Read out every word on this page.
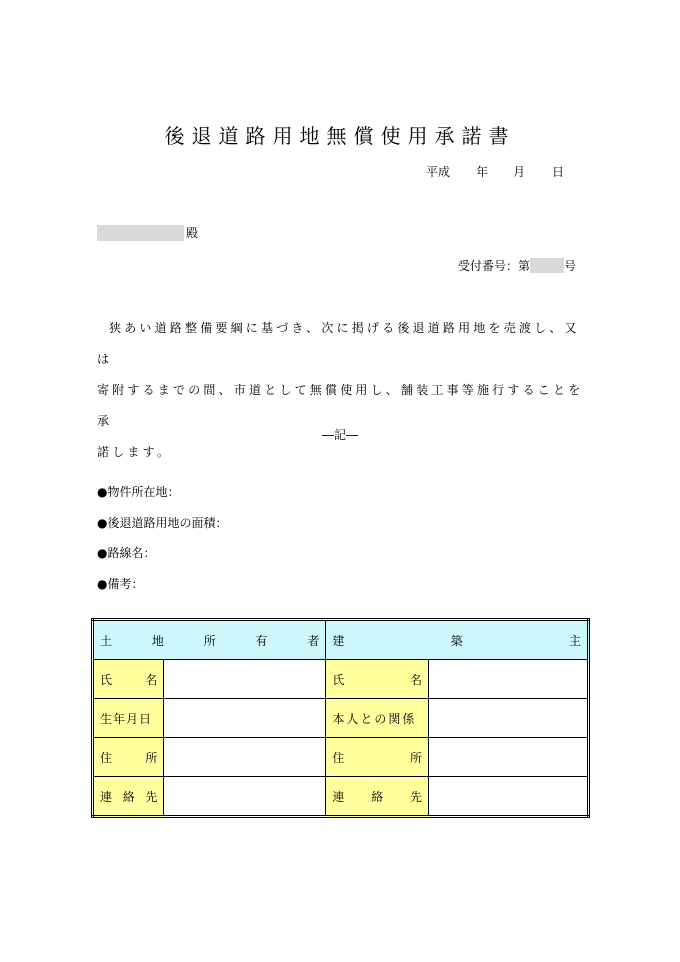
後退道路用地無償使用承諾書
平成 年 月 日
殿
受付番号：第	号

狭あい道路整備要綱に基づき、次に掲げる後退道路用地を売渡し、又は

寄附するまでの間、市道として無償使用し、舗装工事等施行することを承

諾します。

―記―
●物件所在地：
●後退道路用地の面積：
●路線名：
●備考：
土 地 所 有 者		建 築 主	

氏 名		氏 名	

生年月日		本人との関係	

住 所		住 所	

連 絡 先		連 絡 先	
